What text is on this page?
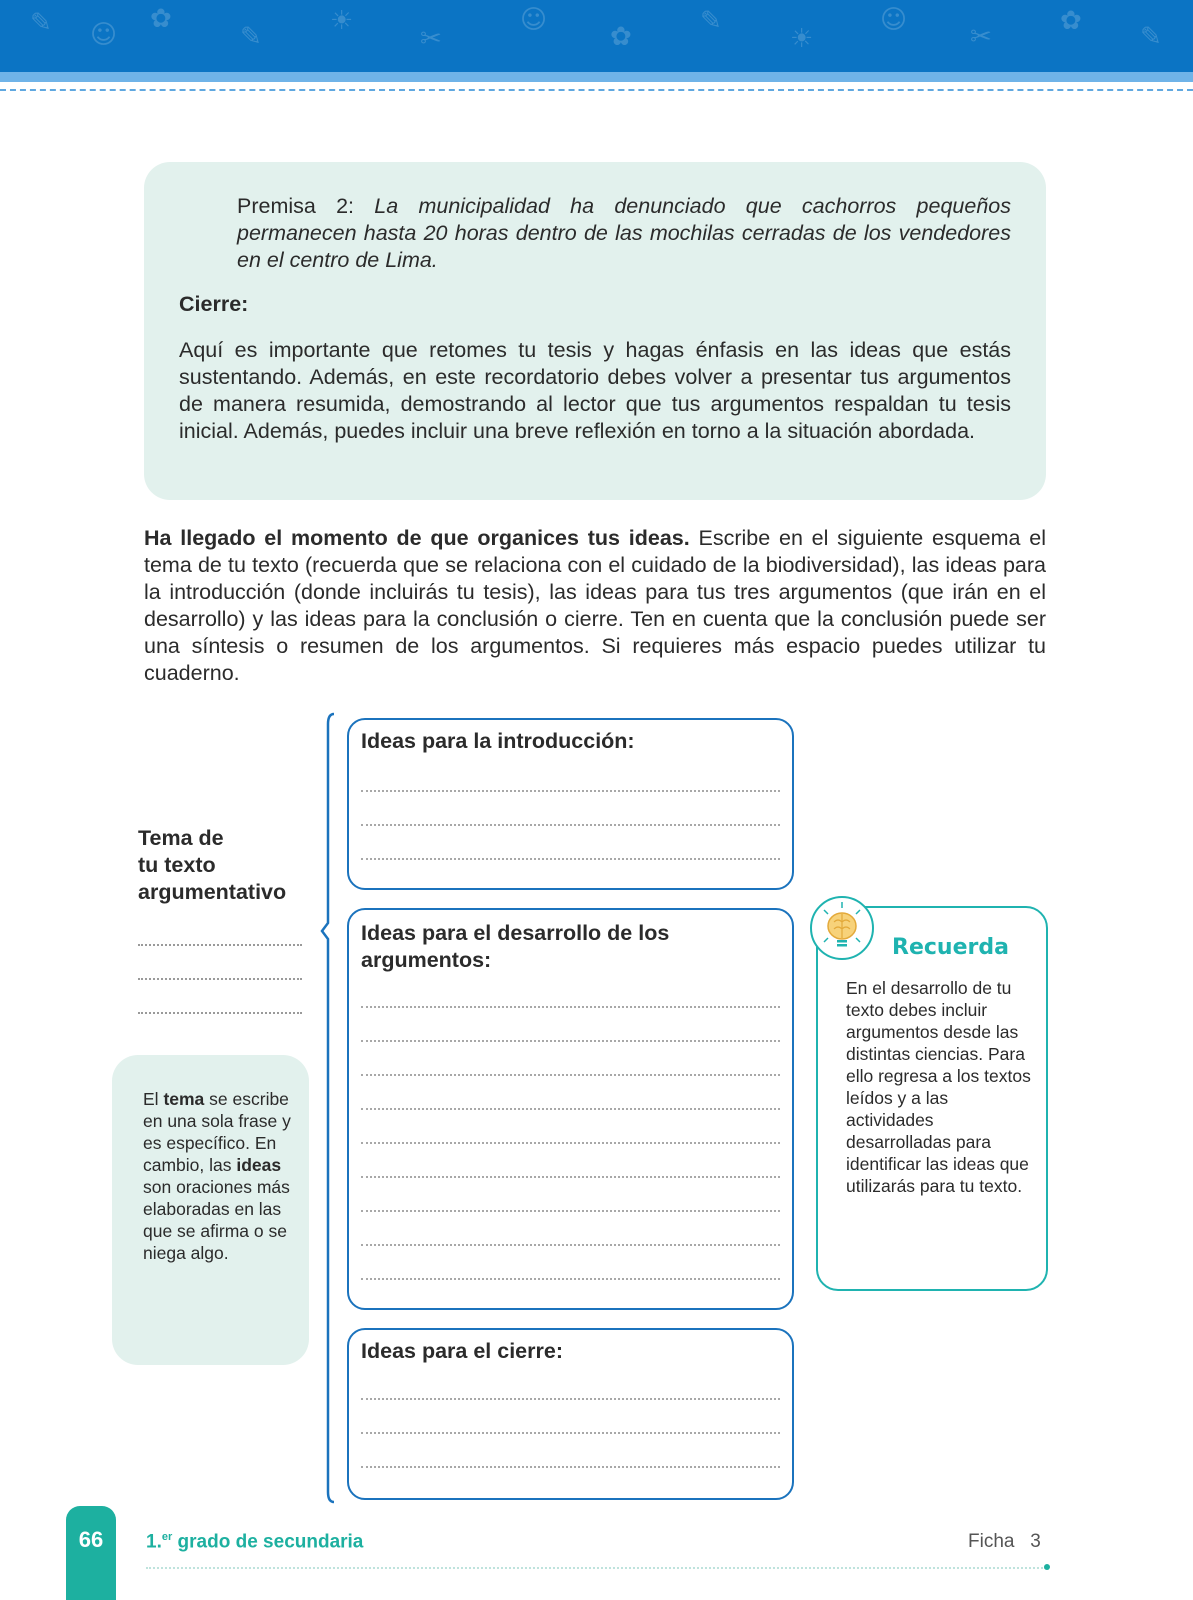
✎ ☺
✿
✎
☀
✂
☺
✿
✎
☀
☺
✂
✿
✎
Premisa 2: La municipalidad ha denunciado que cachorros pequeños permanecen hasta 20 horas dentro de las mochilas cerradas de los vendedores en el centro de Lima.
Cierre:
Aquí es importante que retomes tu tesis y hagas énfasis en las ideas que estás sustentando. Además, en este recordatorio debes volver a presentar tus argumentos de manera resumida, demostrando al lector que tus argumentos respaldan tu tesis inicial. Además, puedes incluir una breve reflexión en torno a la situación abordada.
Ha llegado el momento de que organices tus ideas. Escribe en el siguiente esquema el tema de tu texto (recuerda que se relaciona con el cuidado de la biodiversidad), las ideas para la introducción (donde incluirás tu tesis), las ideas para tus tres argumentos (que irán en el desarrollo) y las ideas para la conclusión o cierre. Ten en cuenta que la conclusión puede ser una síntesis o resumen de los argumentos. Si requieres más espacio puedes utilizar tu cuaderno.
Tema de
tu texto
argumentativo
Ideas para la introducción:
Ideas para el desarrollo de los
argumentos:
Ideas para el cierre:
El tema se escribe en una sola frase y es específico. En cambio, las ideas son oraciones más elaboradas en las que se afirma o se niega algo.
Recuerda
En el desarrollo de tu texto debes incluir argumentos desde las distintas ciencias. Para ello regresa a los textos leídos y a las actividades desarrolladas para identificar las ideas que utilizarás para tu texto.
66	1.$^{er}$ grado de secundaria	Ficha   3
